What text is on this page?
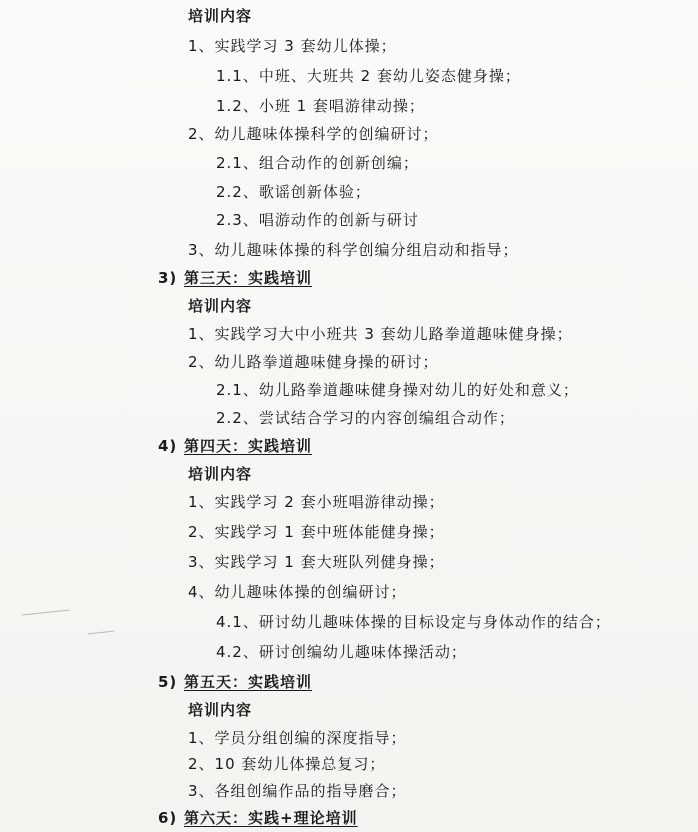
培训内容
1、实践学习 3 套幼儿体操；
1.1、中班、大班共 2 套幼儿姿态健身操；
1.2、小班 1 套唱游律动操；
2、幼儿趣味体操科学的创编研讨；
2.1、组合动作的创新创编；
2.2、歌谣创新体验；
2.3、唱游动作的创新与研讨
3、幼儿趣味体操的科学创编分组启动和指导；
3) 第三天：实践培训
培训内容
1、实践学习大中小班共 3 套幼儿路拳道趣味健身操；
2、幼儿路拳道趣味健身操的研讨；
2.1、幼儿路拳道趣味健身操对幼儿的好处和意义；
2.2、尝试结合学习的内容创编组合动作；
4) 第四天：实践培训
培训内容
1、实践学习 2 套小班唱游律动操；
2、实践学习 1 套中班体能健身操；
3、实践学习 1 套大班队列健身操；
4、幼儿趣味体操的创编研讨；
4.1、研讨幼儿趣味体操的目标设定与身体动作的结合；
4.2、研讨创编幼儿趣味体操活动；
5) 第五天：实践培训
培训内容
1、学员分组创编的深度指导；
2、10 套幼儿体操总复习；
3、各组创编作品的指导磨合；
6) 第六天：实践+理论培训
